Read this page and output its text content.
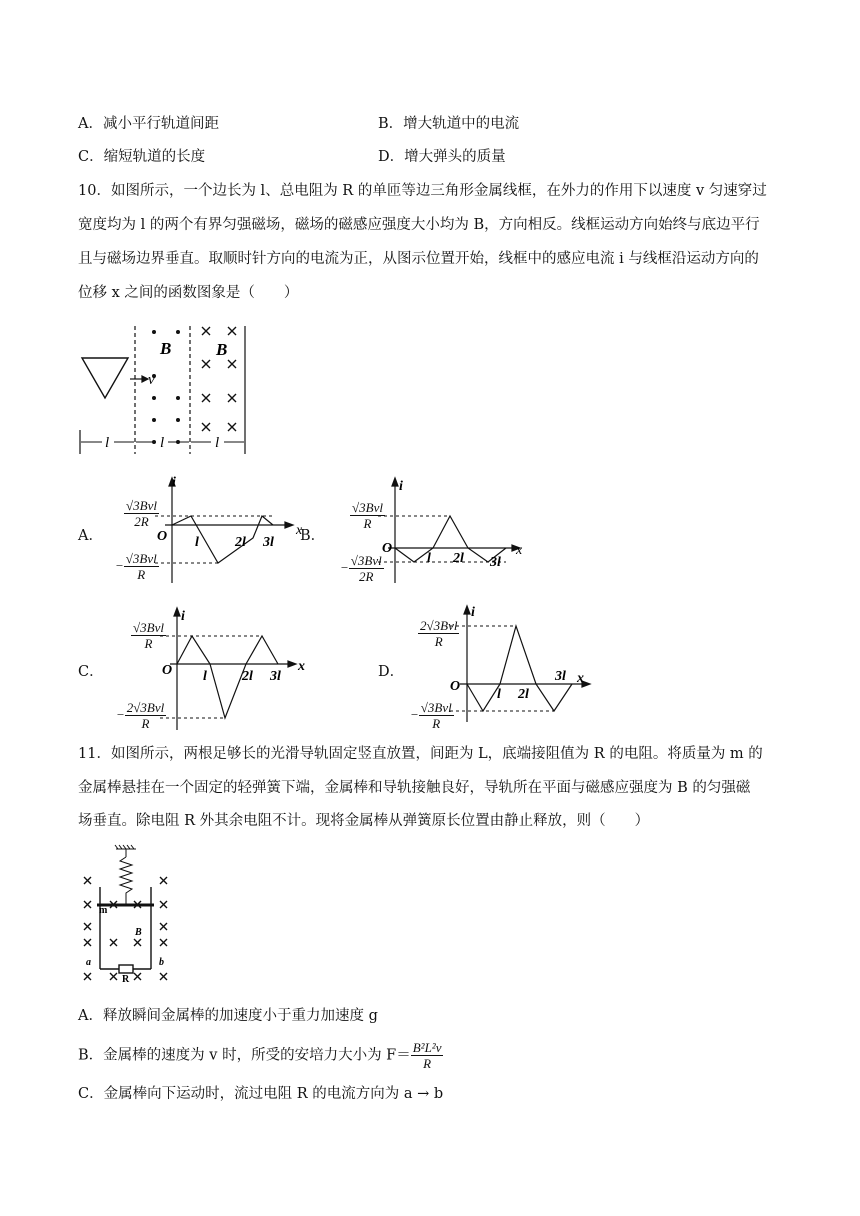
A．减小平行轨道间距	B．增大轨道中的电流
C．缩短轨道的长度	D．增大弹头的质量
10．如图所示，一个边长为 l、总电阻为 R 的单匝等边三角形金属线框，在外力的作用下以速度 v 匀速穿过
宽度均为 l 的两个有界匀强磁场，磁场的磁感应强度大小均为 B，方向相反。线框运动方向始终与底边平行
且与磁场边界垂直。取顺时针方向的电流为正，从图示位置开始，线框中的感应电流 i 与线框沿运动方向的
位移 x 之间的函数图象是（　　）
B	B
v
l	l	l
A．
√3Bvl
2R
− $\frac{\text{√3Bvl}}{R}$
i
x
O l	2l 3l B．
√3Bvl
R
− $\frac{\text{√3Bvl}}{2R}$
i
x
O
l 2l 3l
C．
√3Bvl
R
− $\frac{\text{2√3Bvl}}{R}$
i
x
O l	2l 3l	D．
2√3Bvl
R
− $\frac{\text{√3Bvl}}{R}$
i
x
O
l 2l
3l
11．如图所示，两根足够长的光滑导轨固定竖直放置，间距为 L，底端接阻值为 R 的电阻。将质量为 m 的
金属棒悬挂在一个固定的轻弹簧下端，金属棒和导轨接触良好，导轨所在平面与磁感应强度为 B 的匀强磁
场垂直。除电阻 R 外其余电阻不计。现将金属棒从弹簧原长位置由静止释放，则（　　）
m
B
R
a	b
A．释放瞬间金属棒的加速度小于重力加速度 g
B．金属棒的速度为 v 时，所受的安培力大小为 $F= \frac{\text{B²L²v}}{R}$
C．金属棒向下运动时，流过电阻 R 的电流方向为 a → b
